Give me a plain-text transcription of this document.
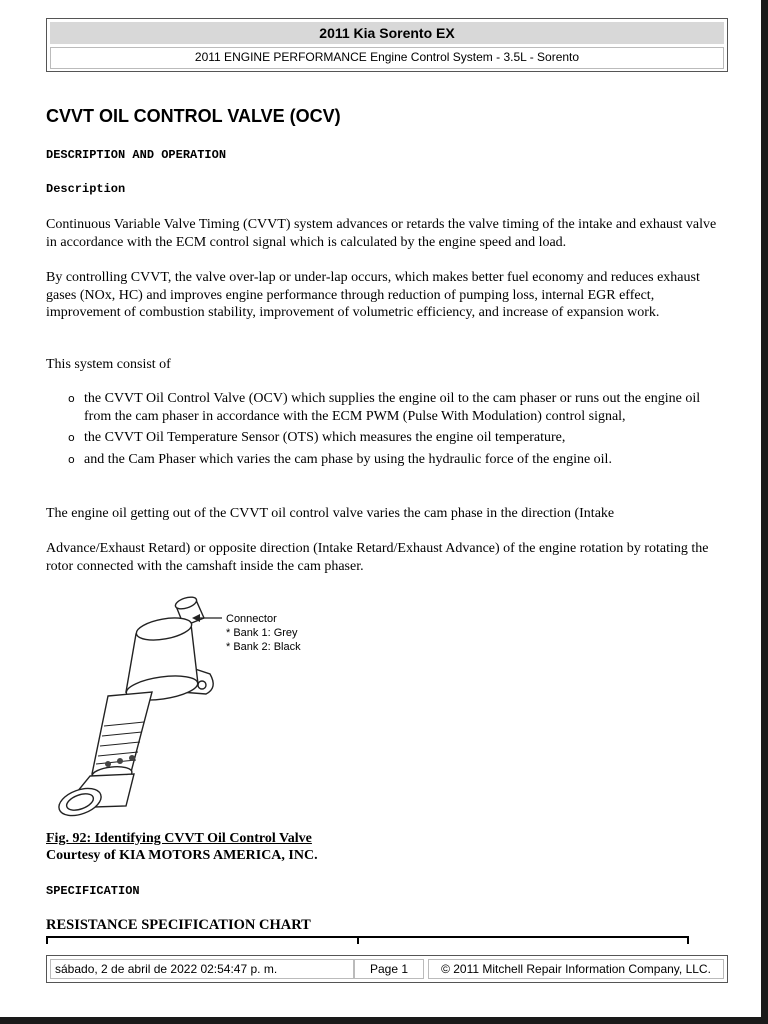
2011 Kia Sorento EX
2011 ENGINE PERFORMANCE Engine Control System - 3.5L - Sorento
CVVT OIL CONTROL VALVE (OCV)
DESCRIPTION AND OPERATION
Description

Continuous Variable Valve Timing (CVVT) system advances or retards the valve timing of the intake and exhaust valve in accordance with the ECM control signal which is calculated by the engine speed and load.

By controlling CVVT, the valve over-lap or under-lap occurs, which makes better fuel economy and reduces exhaust gases (NOx, HC) and improves engine performance through reduction of pumping loss, internal EGR effect, improvement of combustion stability, improvement of volumetric efficiency, and increase of expansion work.

This system consist of

o the CVVT Oil Control Valve (OCV) which supplies the engine oil to the cam phaser or runs out the engine oil from the cam phaser in accordance with the ECM PWM (Pulse With Modulation) control signal,
o the CVVT Oil Temperature Sensor (OTS) which measures the engine oil temperature,
o and the Cam Phaser which varies the cam phase by using the hydraulic force of the engine oil.

The engine oil getting out of the CVVT oil control valve varies the cam phase in the direction (Intake

Advance/Exhaust Retard) or opposite direction (Intake Retard/Exhaust Advance) of the engine rotation by rotating the rotor connected with the camshaft inside the cam phaser.

Connector
* Bank 1: Grey
* Bank 2: Black
Fig. 92: Identifying CVVT Oil Control Valve
Courtesy of KIA MOTORS AMERICA, INC.
SPECIFICATION
RESISTANCE SPECIFICATION CHART
sábado, 2 de abril de 2022 02:54:47 p. m.	Page 1	© 2011 Mitchell Repair Information Company, LLC.
